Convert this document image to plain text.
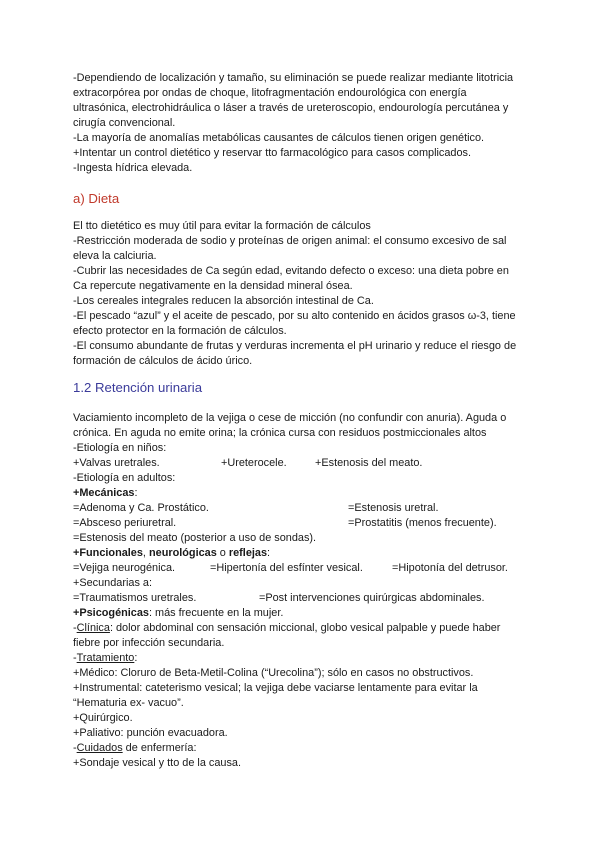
-Dependiendo de localización y tamaño, su eliminación se puede realizar mediante litotricia
extracorpórea por ondas de choque, litofragmentación endourológica con energía
ultrasónica, electrohidráulica o láser a través de ureteroscopio, endourología percutánea y
cirugía convencional.
-La mayoría de anomalías metabólicas causantes de cálculos tienen origen genético.
+Intentar un control dietético y reservar tto farmacológico para casos complicados.
-Ingesta hídrica elevada.
a) Dieta
El tto dietético es muy útil para evitar la formación de cálculos
-Restricción moderada de sodio y proteínas de origen animal: el consumo excesivo de sal
eleva la calciuria.
-Cubrir las necesidades de Ca según edad, evitando defecto o exceso: una dieta pobre en
Ca repercute negativamente en la densidad mineral ósea.
-Los cereales integrales reducen la absorción intestinal de Ca.
-El pescado “azul” y el aceite de pescado, por su alto contenido en ácidos grasos ω-3, tiene
efecto protector en la formación de cálculos.
-El consumo abundante de frutas y verduras incrementa el pH urinario y reduce el riesgo de
formación de cálculos de ácido úrico.
1.2 Retención urinaria
Vaciamiento incompleto de la vejiga o cese de micción (no confundir con anuria). Aguda o
crónica. En aguda no emite orina; la crónica cursa con residuos postmiccionales altos
-Etiología en niños:
+Valvas uretrales.	+Ureterocele.	+Estenosis del meato.
-Etiología en adultos:
+Mecánicas:
=Adenoma y Ca. Prostático.	=Estenosis uretral.
=Absceso periuretral.	=Prostatitis (menos frecuente).
=Estenosis del meato (posterior a uso de sondas).
+Funcionales, neurológicas o reflejas:
=Vejiga neurogénica.	=Hipertonía del esfínter vesical.	=Hipotonía del detrusor.
+Secundarias a:
=Traumatismos uretrales.	=Post intervenciones quirúrgicas abdominales.
+Psicogénicas: más frecuente en la mujer.
-Clínica: dolor abdominal con sensación miccional, globo vesical palpable y puede haber
fiebre por infección secundaria.
-Tratamiento:
+Médico: Cloruro de Beta-Metil-Colina (“Urecolina”); sólo en casos no obstructivos.
+Instrumental: cateterismo vesical; la vejiga debe vaciarse lentamente para evitar la
“Hematuria ex- vacuo”.
+Quirúrgico.
+Paliativo: punción evacuadora.
-Cuidados de enfermería:
+Sondaje vesical y tto de la causa.
